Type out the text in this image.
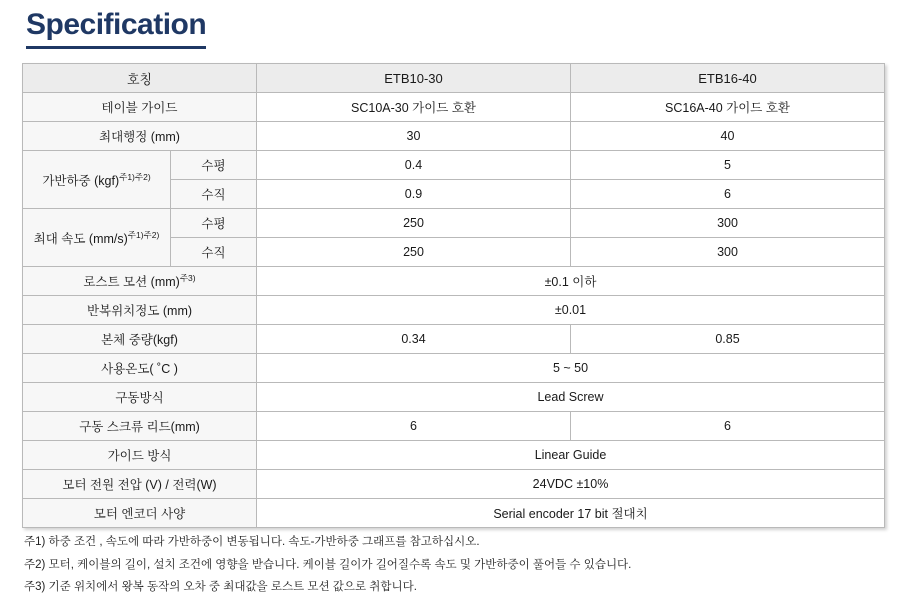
Specification
호칭		ETB10-30	ETB16-40
테이블 가이드		SC10A-30 가이드 호환	SC16A-40 가이드 호환
최대행정 (mm)		30	40
가반하중 (kgf)$^{주1)주2)}$	수평	0.4	5
	수직	0.9	6
최대 속도 $(mm/s)^{주1)주2)}$	수평	250	300
	수직	250	300
로스트 모션 (mm)$^{주3)}$		±0.1 이하	
반복위치정도 (mm)		±0.01	
본체 중량(kgf)		0.34	0.85
사용온도( ˚C )		5 ~ 50	
구동방식		Lead Screw	
구동 스크류 리드(mm)		6	6
가이드 방식		Linear Guide	
모터 전원 전압 (V) / 전력(W)		24VDC ±10%	
모터 엔코더 사양		Serial encoder 17 bit 절대치	
주1) 하중 조건 , 속도에 따라 가반하중이 변동됩니다. 속도-가반하중 그래프를 참고하십시오.
주2) 모터, 케이블의 길이, 설치 조건에 영향을 받습니다. 케이블 길이가 길어질수록 속도 및 가반하중이 풀어들 수 있습니다.
주3) 기준 위치에서 왕복 동작의 오차 중 최대값을 로스트 모션 값으로 취합니다.
